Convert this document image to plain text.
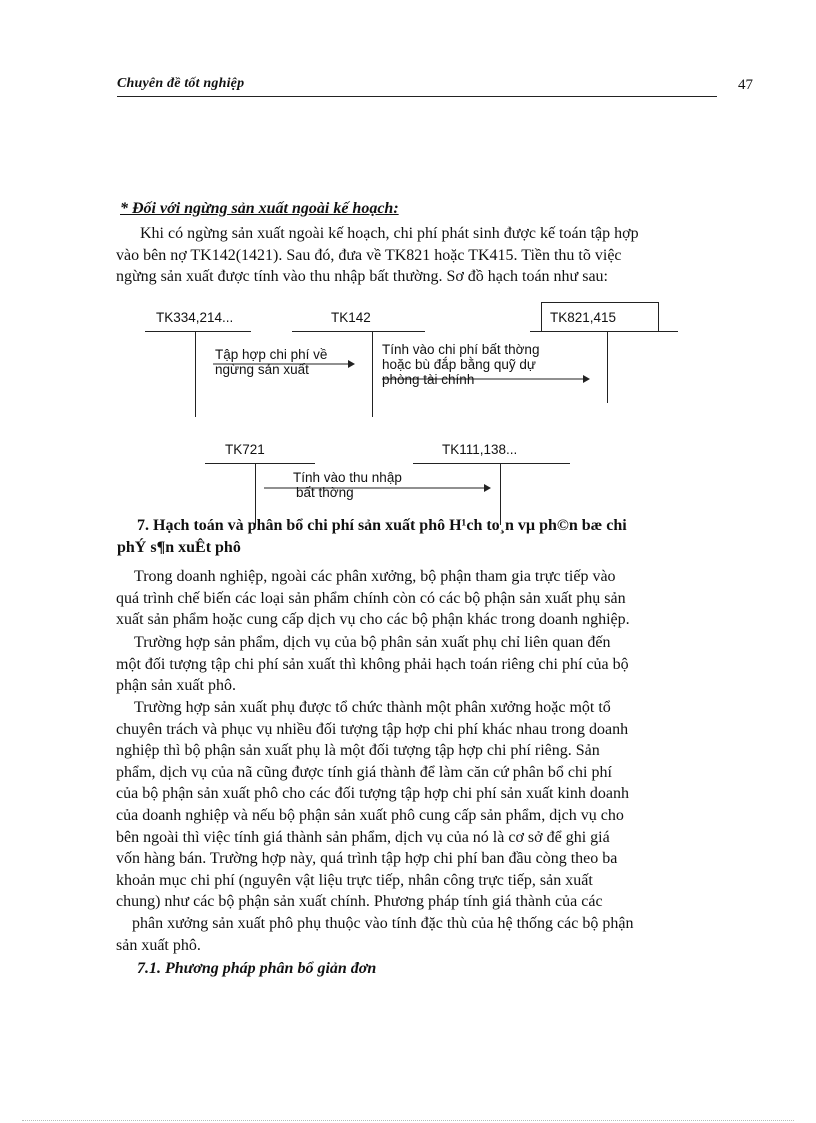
Chuyên đề tốt nghiệp	47
* Đối với ngừng sản xuất ngoài kế hoạch:
Khi có ngừng sản xuất ngoài kế hoạch, chi phí phát sinh được kế toán tập hợp
vào bên nợ TK142(1421). Sau đó, đưa về TK821 hoặc TK415. Tiền thu tõ việc
ngừng sản xuất được tính vào thu nhập bất thường. Sơ đồ hạch toán như sau:
TK334,214...	TK142	TK821,415
TK721	TK111,138...
Tập hợp chi phí về
ngừng sản xuất
Tính vào chi phí bất thờng
hoặc bù đắp bằng quỹ dự
phòng tài chính
Tính vào thu nhập
bất thờng
7. Hạch toán và phân bổ chi phí sản xuất phô H¹ch to¸n vµ ph©n bæ chi
phÝ s¶n xuÊt phô
Trong doanh nghiệp, ngoài các phân xưởng, bộ phận tham gia trực tiếp vào
quá trình chế biến các loại sản phẩm chính còn có các bộ phận sản xuất phụ sản
xuất sản phẩm hoặc cung cấp dịch vụ cho các bộ phận khác trong doanh nghiệp.
Trường hợp sản phẩm, dịch vụ của bộ phân sản xuất phụ chỉ liên quan đến
một đối tượng tập chi phí sản xuất thì không phải hạch toán riêng chi phí của bộ
phận sản xuất phô.
Trường hợp sản xuất phụ được tổ chức thành một phân xưởng hoặc một tổ
chuyên trách và phục vụ nhiều đối tượng tập hợp chi phí khác nhau trong doanh
nghiệp thì bộ phận sản xuất phụ là một đối tượng tập hợp chi phí riêng. Sản
phẩm, dịch vụ của nã cũng được tính giá thành để làm căn cứ phân bổ chi phí
của bộ phận sản xuất phô cho các đối tượng tập hợp chi phí sản xuất kinh doanh
của doanh nghiệp và nếu bộ phận sản xuất phô cung cấp sản phẩm, dịch vụ cho
bên ngoài thì việc tính giá thành sản phẩm, dịch vụ của nó là cơ sở để ghi giá
vốn hàng bán. Trường hợp này, quá trình tập hợp chi phí ban đầu còng theo ba
khoản mục chi phí (nguyên vật liệu trực tiếp, nhân công trực tiếp, sản xuất
chung) như các bộ phận sản xuất chính. Phương pháp tính giá thành của các
phân xưởng sản xuất phô phụ thuộc vào tính đặc thù của hệ thống các bộ phận
sản xuất phô.
7.1. Phương pháp phân bổ giản đơn
